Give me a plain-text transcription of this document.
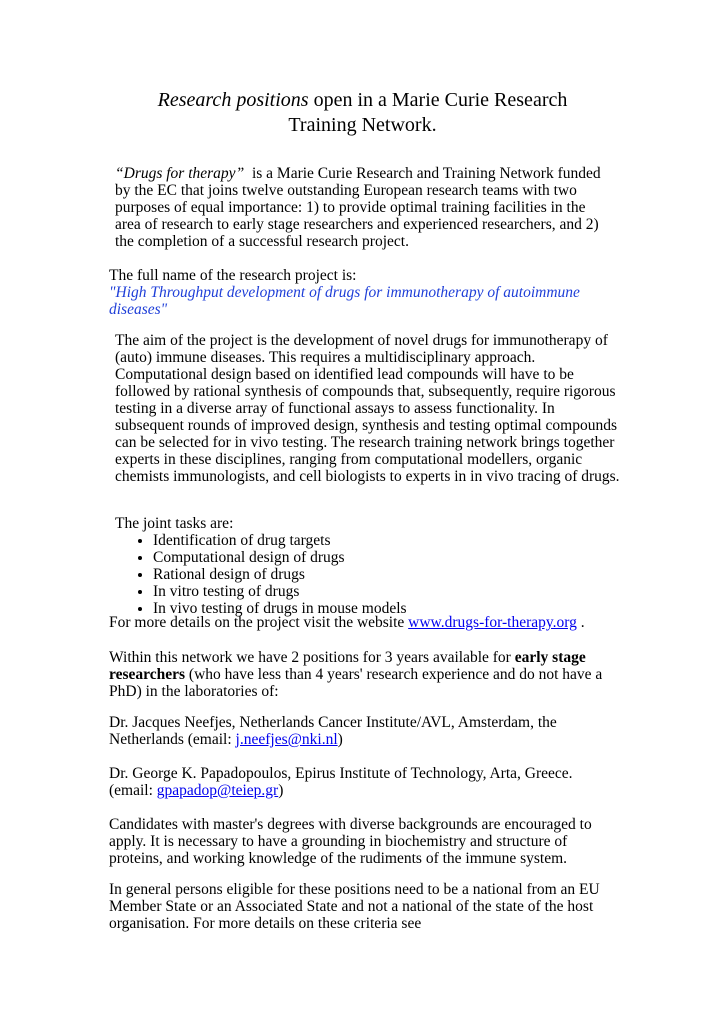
Research positions open in a Marie Curie Research
Training Network.
“Drugs for therapy” is a Marie Curie Research and Training Network funded by the EC that joins twelve outstanding European research teams with two purposes of equal importance: 1) to provide optimal training facilities in the area of research to early stage researchers and experienced researchers, and 2) the completion of a successful research project.
The full name of the research project is:
"High Throughput development of drugs for immunotherapy of autoimmune diseases"
The aim of the project is the development of novel drugs for immunotherapy of (auto) immune diseases. This requires a multidisciplinary approach. Computational design based on identified lead compounds will have to be followed by rational synthesis of compounds that, subsequently, require rigorous testing in a diverse array of functional assays to assess functionality. In subsequent rounds of improved design, synthesis and testing optimal compounds can be selected for in vivo testing. The research training network brings together experts in these disciplines, ranging from computational modellers, organic chemists immunologists, and cell biologists to experts in in vivo tracing of drugs.
The joint tasks are:
• Identification of drug targets
• Computational design of drugs
• Rational design of drugs
• In vitro testing of drugs
• In vivo testing of drugs in mouse models
For more details on the project visit the website www.drugs-for-therapy.org .
Within this network we have 2 positions for 3 years available for early stage researchers (who have less than 4 years' research experience and do not have a PhD) in the laboratories of:
Dr. Jacques Neefjes, Netherlands Cancer Institute/AVL, Amsterdam, the Netherlands (email: j.neefjes@nki.nl)
Dr. George K. Papadopoulos, Epirus Institute of Technology, Arta, Greece. (email: gpapadop@teiep.gr)
Candidates with master's degrees with diverse backgrounds are encouraged to apply. It is necessary to have a grounding in biochemistry and structure of proteins, and working knowledge of the rudiments of the immune system.
In general persons eligible for these positions need to be a national from an EU Member State or an Associated State and not a national of the state of the host organisation. For more details on these criteria see
